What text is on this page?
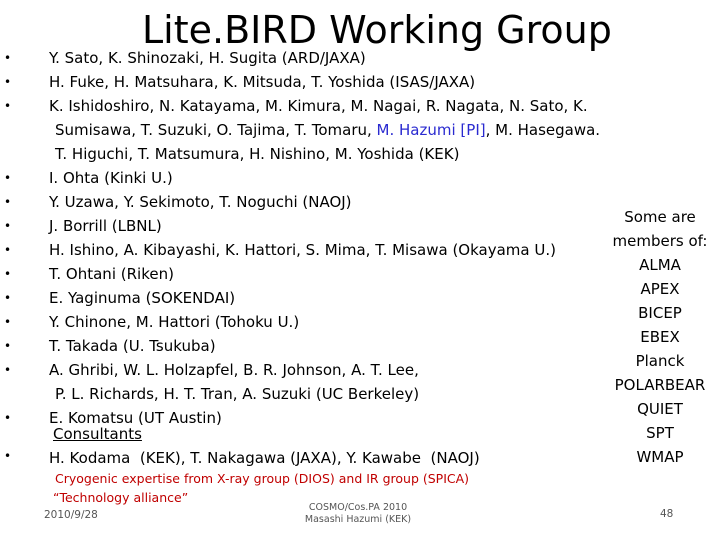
Lite.BIRD Working Group
•	Y. Sato, K. Shinozaki, H. Sugita (ARD/JAXA)
•	H. Fuke, H. Matsuhara, K. Mitsuda, T. Yoshida (ISAS/JAXA)
•	K. Ishidoshiro, N. Katayama, M. Kimura, M. Nagai, R. Nagata, N. Sato, K.
Sumisawa, T. Suzuki, O. Tajima, T. Tomaru, M. Hazumi [PI], M. Hasegawa.
T. Higuchi, T. Matsumura, H. Nishino, M. Yoshida (KEK)
•	I. Ohta (Kinki U.)
•	Y. Uzawa, Y. Sekimoto, T. Noguchi (NAOJ)
•	J. Borrill (LBNL)
•	H. Ishino, A. Kibayashi, K. Hattori, S. Mima, T. Misawa (Okayama U.)
•	T. Ohtani (Riken)
•	E. Yaginuma (SOKENDAI)
•	Y. Chinone, M. Hattori (Tohoku U.)
•	T. Takada (U. Tsukuba)
•	A. Ghribi, W. L. Holzapfel, B. R. Johnson, A. T. Lee,
P. L. Richards, H. T. Tran, A. Suzuki (UC Berkeley)
•	E. Komatsu (UT Austin)
Consultants
•	H. Kodama  (KEK), T. Nakagawa (JAXA), Y. Kawabe  (NAOJ)
Cryogenic expertise from X-ray group (DIOS) and IR group (SPICA)
“Technology alliance”
Some are
members of:
ALMA
APEX
BICEP
EBEX
Planck
POLARBEAR
QUIET
SPT
WMAP
2010/9/28
COSMO/Cos.PA 2010
Masashi Hazumi (KEK)	48
